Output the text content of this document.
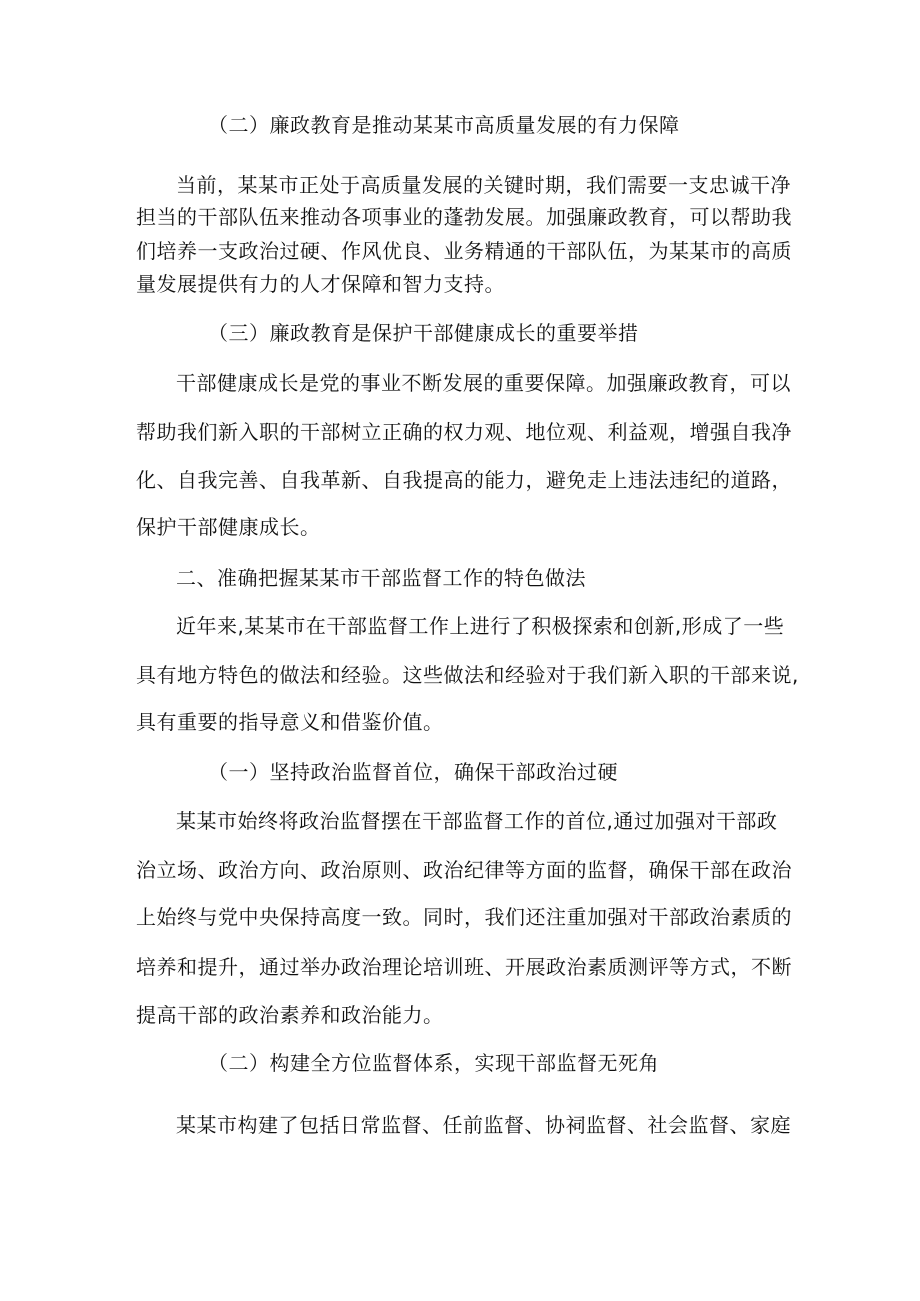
（二）廉政教育是推动某某市高质量发展的有力保障
当前，某某市正处于高质量发展的关键时期，我们需要一支忠诚干净
担当的干部队伍来推动各项事业的蓬勃发展。加强廉政教育，可以帮助我
们培养一支政治过硬、作风优良、业务精通的干部队伍，为某某市的高质
量发展提供有力的人才保障和智力支持。
（三）廉政教育是保护干部健康成长的重要举措
干部健康成长是党的事业不断发展的重要保障。加强廉政教育，可以
帮助我们新入职的干部树立正确的权力观、地位观、利益观，增强自我净
化、自我完善、自我革新、自我提高的能力，避免走上违法违纪的道路，
保护干部健康成长。
二、准确把握某某市干部监督工作的特色做法
近年来,某某市在干部监督工作上进行了积极探索和创新,形成了一些
具有地方特色的做法和经验。这些做法和经验对于我们新入职的干部来说,
具有重要的指导意义和借鉴价值。
（一）坚持政治监督首位，确保干部政治过硬
某某市始终将政治监督摆在干部监督工作的首位,通过加强对干部政
治立场、政治方向、政治原则、政治纪律等方面的监督，确保干部在政治
上始终与党中央保持高度一致。同时，我们还注重加强对干部政治素质的
培养和提升，通过举办政治理论培训班、开展政治素质测评等方式，不断
提高干部的政治素养和政治能力。
（二）构建全方位监督体系，实现干部监督无死角
某某市构建了包括日常监督、任前监督、协祠监督、社会监督、家庭
